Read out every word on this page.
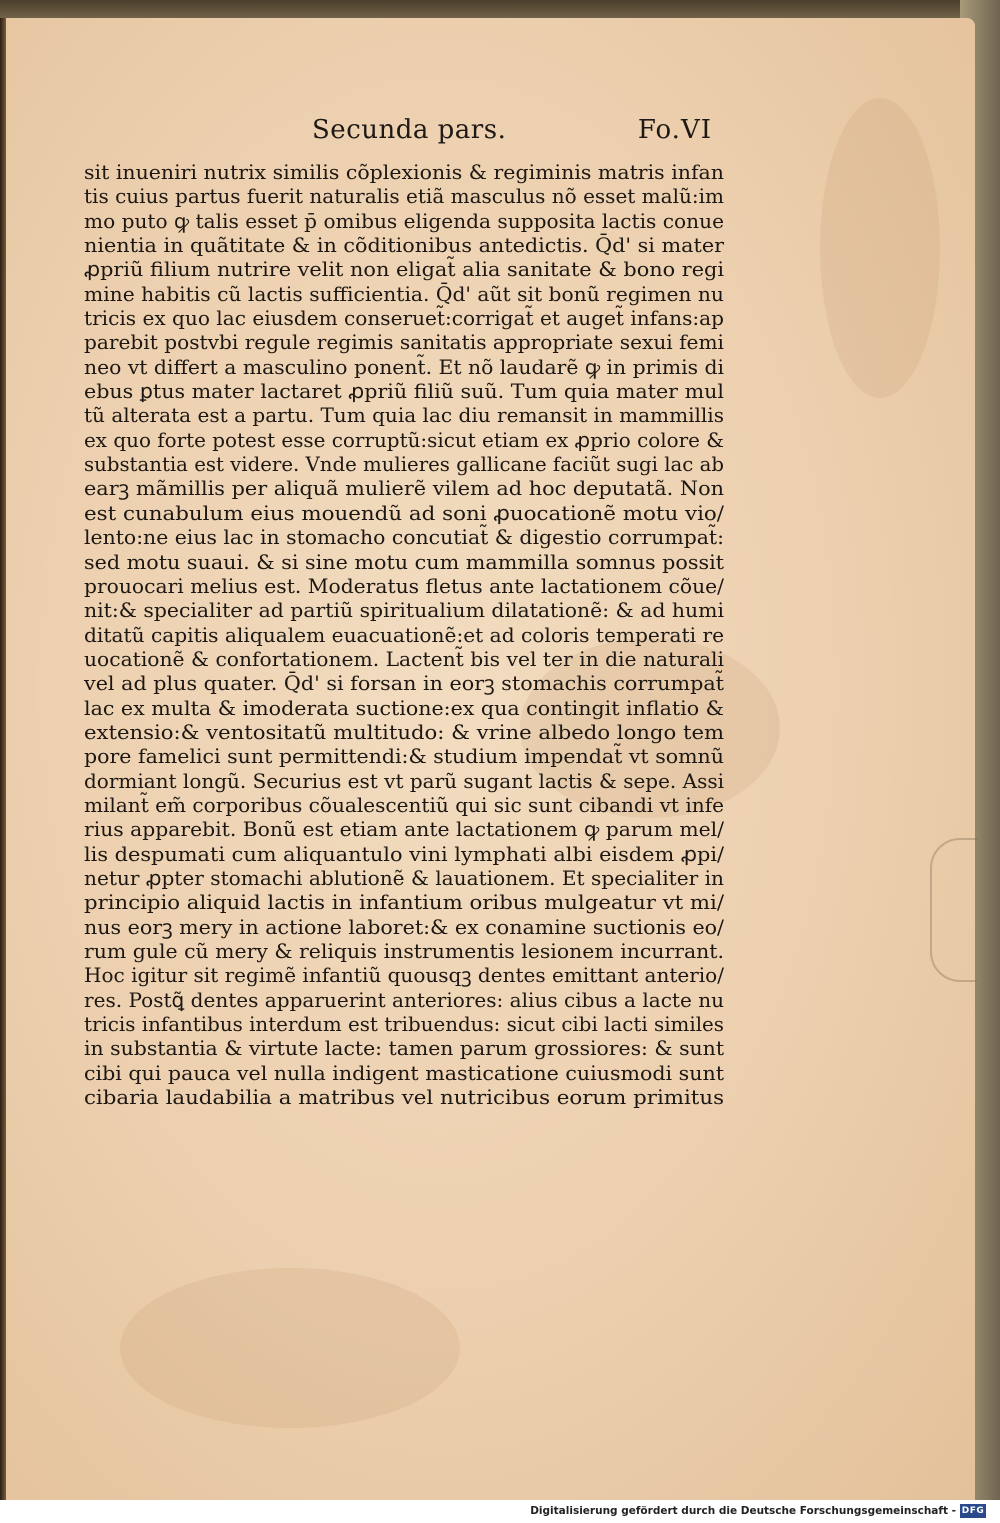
Secunda pars.	Fo.VI
sit inueniri nutrix similis cõplexionis & regiminis matris infan
tis cuius partus fuerit naturalis etiã masculus nõ esset malũ:im
mo puto ꝙ talis esset p̄ omibus eligenda supposita lactis conue
nientia in quãtitate & in cõditionibus antedictis. Q̄d' si mater
ꝓpriũ filium nutrire velit non eligat̃ alia sanitate & bono regi
mine habitis cũ lactis sufficientia. Q̄d' aũt sit bonũ regimen nu
tricis ex quo lac eiusdem conseruet̃:corrigat̃ et auget̃ infans:ap
parebit postvbi regule regimis sanitatis appropriate sexui femi
neo vt differt a masculino ponent̃. Et nõ laudarẽ ꝙ in primis di
ebus ꝑtus mater lactaret ꝓpriũ filiũ suũ. Tum quia mater mul
tũ alterata est a partu. Tum quia lac diu remansit in mammillis
ex quo forte potest esse corruptũ:sicut etiam ex ꝓprio colore &
substantia est videre. Vnde mulieres gallicane faciũt sugi lac ab
earꝫ mãmillis per aliquã mulierẽ vilem ad hoc deputatã. Non
est cunabulum eius mouendũ ad soni ꝓuocationẽ motu vio/
lento:ne eius lac in stomacho concutiat̃ & digestio corrumpat̃:
sed motu suaui. & si sine motu cum mammilla somnus possit
prouocari melius est. Moderatus fletus ante lactationem cõue/
nit:& specialiter ad partiũ spiritualium dilatationẽ: & ad humi
ditatũ capitis aliqualem euacuationẽ:et ad coloris temperati re
uocationẽ & confortationem. Lactent̃ bis vel ter in die naturali
vel ad plus quater. Q̄d' si forsan in eorꝫ stomachis corrumpat̃
lac ex multa & imoderata suctione:ex qua contingit inflatio &
extensio:& ventositatũ multitudo: & vrine albedo longo tem
pore famelici sunt permittendi:& studium impendat̃ vt somnũ
dormiant longũ. Securius est vt parũ sugant lactis & sepe. Assi
milant̃ em̃ corporibus cõualescentiũ qui sic sunt cibandi vt infe
rius apparebit. Bonũ est etiam ante lactationem ꝙ parum mel/
lis despumati cum aliquantulo vini lymphati albi eisdem ꝓpi/
netur ꝓpter stomachi ablutionẽ & lauationem. Et specialiter in
principio aliquid lactis in infantium oribus mulgeatur vt mi/
nus eorꝫ mery in actione laboret:& ex conamine suctionis eo/
rum gule cũ mery & reliquis instrumentis lesionem incurrant.
Hoc igitur sit regimẽ infantiũ quousqꝫ dentes emittant anterio/
res. Postꝗ̃ dentes apparuerint anteriores: alius cibus a lacte nu
tricis infantibus interdum est tribuendus: sicut cibi lacti similes
in substantia & virtute lacte: tamen parum grossiores: & sunt
cibi qui pauca vel nulla indigent masticatione cuiusmodi sunt
cibaria laudabilia a matribus vel nutricibus eorum primitus
Digitalisierung gefördert durch die Deutsche Forschungsgemeinschaft - DFG
